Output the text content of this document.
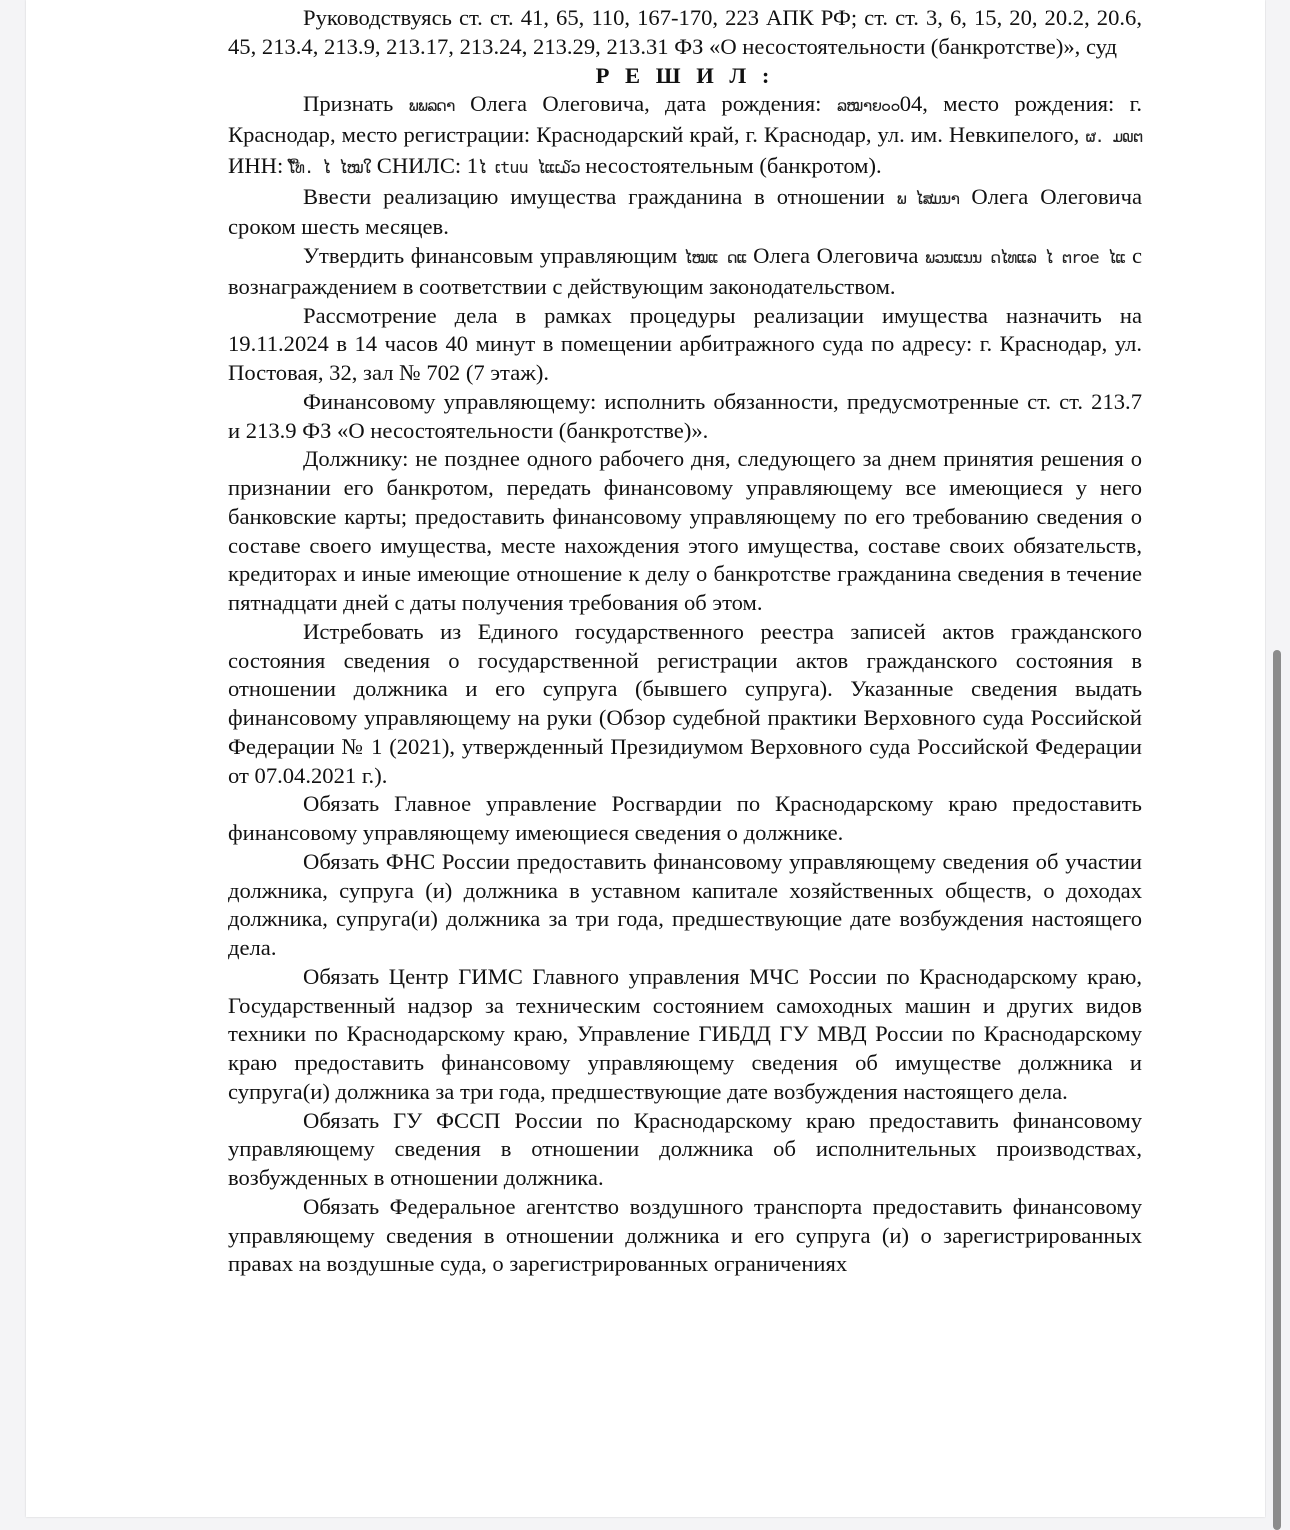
Руководствуясь ст. ст. 41, 65, 110, 167-170, 223 АПК РФ; ст. ст. 3, 6, 15, 20, 20.2, 20.6, 45, 213.4, 213.9, 213.17, 213.24, 213.29, 213.31 ФЗ «О несостоятельности (банкротстве)», суд

Р Е Ш И Л :

Признать ພພລດາ Олега Олеговича, дата рождения: ລໝາຍ๐๐04, место рождения: г. Краснодар, место регистрации: Краснодарский край, г. Краснодар, ул. им. Невкипелого, ຜ. ມ໙ຕ ИНН: ີ່ໂທ. ໄ ໄໝໃ СНИЛС: 1ໄ ເtuu ໄແເ໓ວ несостоятельным (банкротом).

Ввести реализацию имущества гражданина в отношении ພ ໄສມນາ Олега Олеговича сроком шесть месяцев.

Утвердить финансовым управляющим ໄໝແ ດແ Олега Олеговича ພວນແນນ ດໄທແລ ໄ ຕroe ໄແ с вознаграждением в соответствии с действующим законодательством.

Рассмотрение дела в рамках процедуры реализации имущества назначить на 19.11.2024 в 14 часов 40 минут в помещении арбитражного суда по адресу: г. Краснодар, ул. Постовая, 32, зал № 702 (7 этаж).

Финансовому управляющему: исполнить обязанности, предусмотренные ст. ст. 213.7 и 213.9 ФЗ «О несостоятельности (банкротстве)».

Должнику: не позднее одного рабочего дня, следующего за днем принятия решения о признании его банкротом, передать финансовому управляющему все имеющиеся у него банковские карты; предоставить финансовому управляющему по его требованию сведения о составе своего имущества, месте нахождения этого имущества, составе своих обязательств, кредиторах и иные имеющие отношение к делу о банкротстве гражданина сведения в течение пятнадцати дней с даты получения требования об этом.

Истребовать из Единого государственного реестра записей актов гражданского состояния сведения о государственной регистрации актов гражданского состояния в отношении должника и его супруга (бывшего супруга). Указанные сведения выдать финансовому управляющему на руки (Обзор судебной практики Верховного суда Российской Федерации № 1 (2021), утвержденный Президиумом Верховного суда Российской Федерации от 07.04.2021 г.).

Обязать Главное управление Росгвардии по Краснодарскому краю предоставить финансовому управляющему имеющиеся сведения о должнике.

Обязать ФНС России предоставить финансовому управляющему сведения об участии должника, супруга (и) должника в уставном капитале хозяйственных обществ, о доходах должника, супруга(и) должника за три года, предшествующие дате возбуждения настоящего дела.

Обязать Центр ГИМС Главного управления МЧС России по Краснодарскому краю, Государственный надзор за техническим состоянием самоходных машин и других видов техники по Краснодарскому краю, Управление ГИБДД ГУ МВД России по Краснодарскому краю предоставить финансовому управляющему сведения об имуществе должника и супруга(и) должника за три года, предшествующие дате возбуждения настоящего дела.

Обязать ГУ ФССП России по Краснодарскому краю предоставить финансовому управляющему сведения в отношении должника об исполнительных производствах, возбужденных в отношении должника.

Обязать Федеральное агентство воздушного транспорта предоставить финансовому управляющему сведения в отношении должника и его супруга (и) о зарегистрированных правах на воздушные суда, о зарегистрированных ограничениях
